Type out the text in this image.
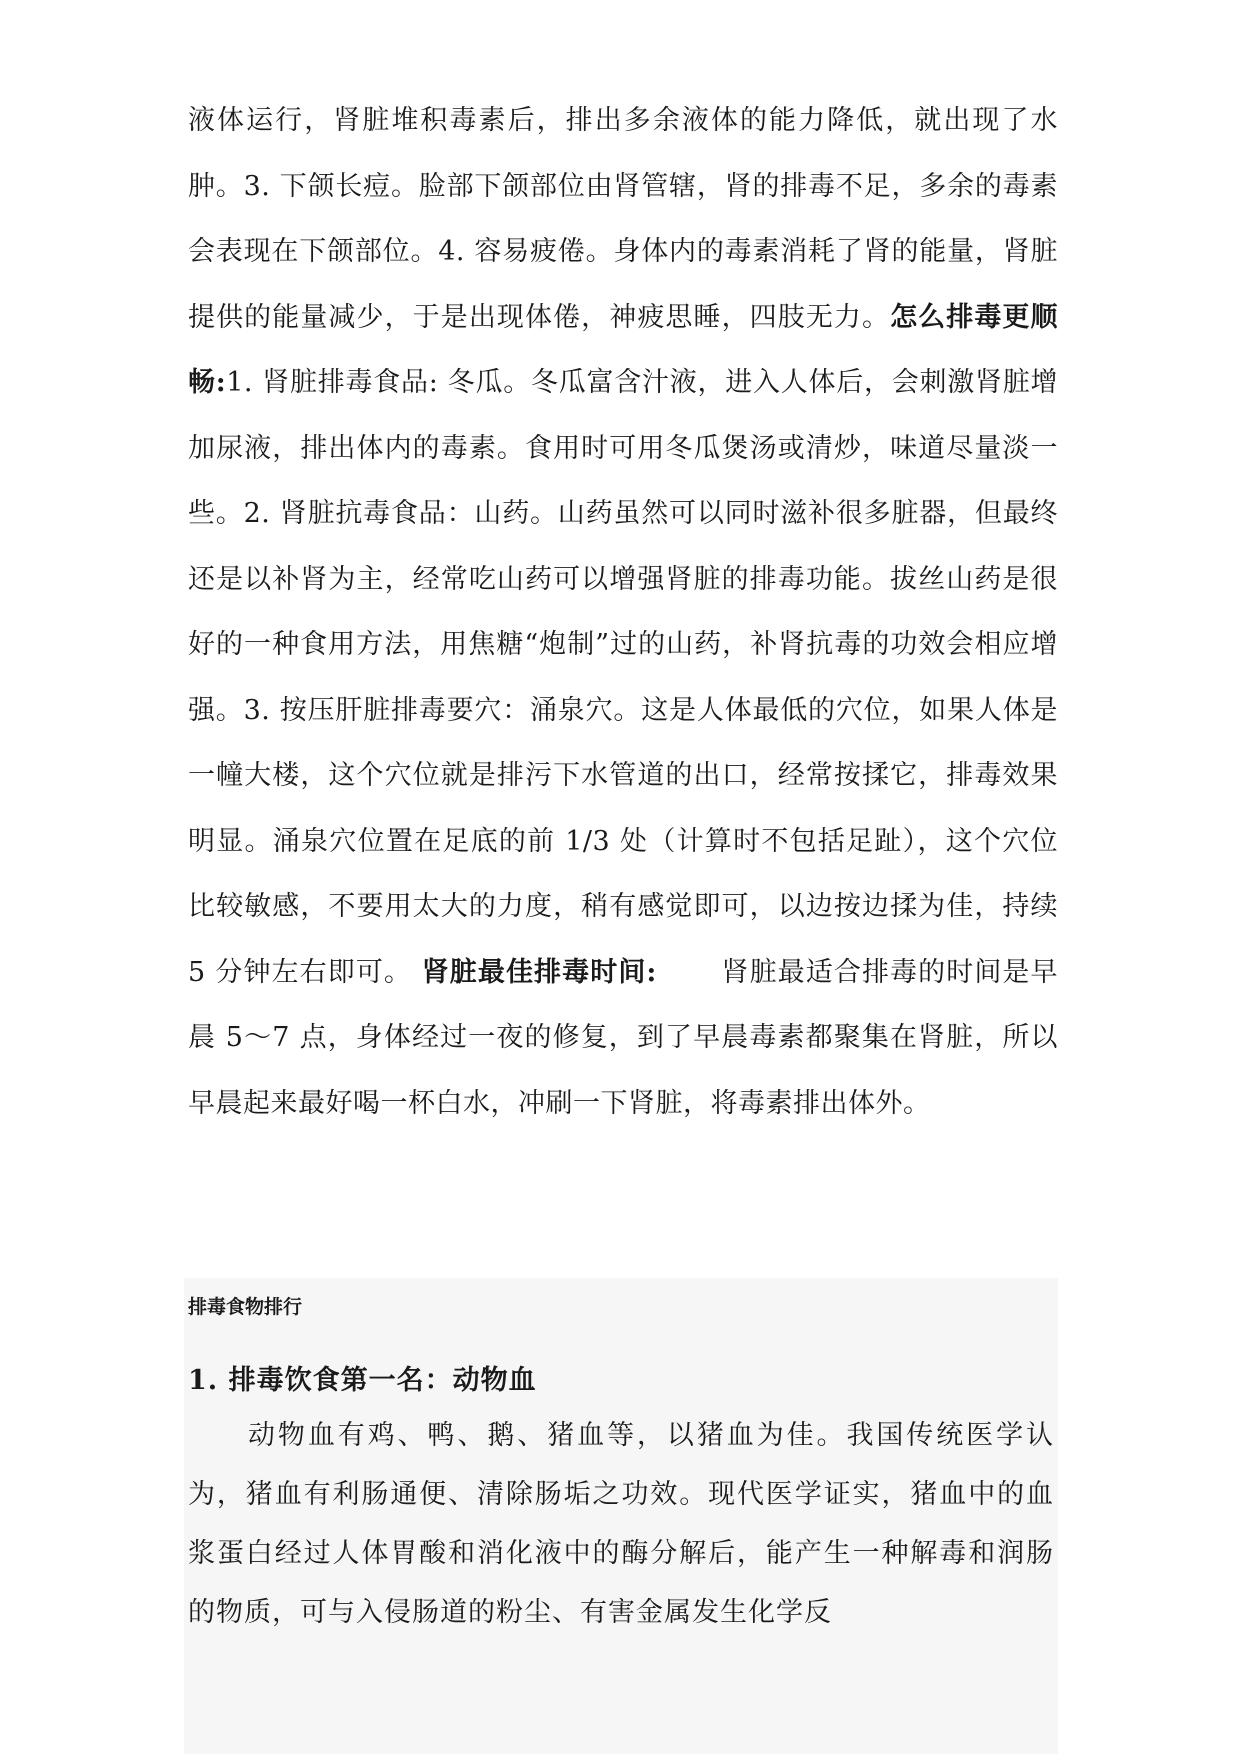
液体运行，肾脏堆积毒素后，排出多余液体的能力降低，就出现了水肿。3. 下颌长痘。脸部下颌部位由肾管辖，肾的排毒不足，多余的毒素会表现在下颌部位。4. 容易疲倦。身体内的毒素消耗了肾的能量，肾脏提供的能量减少，于是出现体倦，神疲思睡，四肢无力。怎么排毒更顺畅:1. 肾脏排毒食品: 冬瓜。冬瓜富含汁液，进入人体后，会刺激肾脏增加尿液，排出体内的毒素。食用时可用冬瓜煲汤或清炒，味道尽量淡一些。2. 肾脏抗毒食品：山药。山药虽然可以同时滋补很多脏器，但最终还是以补肾为主，经常吃山药可以增强肾脏的排毒功能。拔丝山药是很好的一种食用方法，用焦糖“炮制”过的山药，补肾抗毒的功效会相应增强。3. 按压肝脏排毒要穴：涌泉穴。这是人体最低的穴位，如果人体是一幢大楼，这个穴位就是排污下水管道的出口，经常按揉它，排毒效果明显。涌泉穴位置在足底的前 1/3 处（计算时不包括足趾），这个穴位比较敏感，不要用太大的力度，稍有感觉即可，以边按边揉为佳，持续 5 分钟左右即可。 肾脏最佳排毒时间: 肾脏最适合排毒的时间是早晨 5～7 点，身体经过一夜的修复，到了早晨毒素都聚集在肾脏，所以早晨起来最好喝一杯白水，冲刷一下肾脏，将毒素排出体外。

排毒食物排行

1. 排毒饮食第一名：动物血

动物血有鸡、鸭、鹅、猪血等，以猪血为佳。我国传统医学认为，猪血有利肠通便、清除肠垢之功效。现代医学证实，猪血中的血浆蛋白经过人体胃酸和消化液中的酶分解后，能产生一种解毒和润肠的物质，可与入侵肠道的粉尘、有害金属发生化学反
